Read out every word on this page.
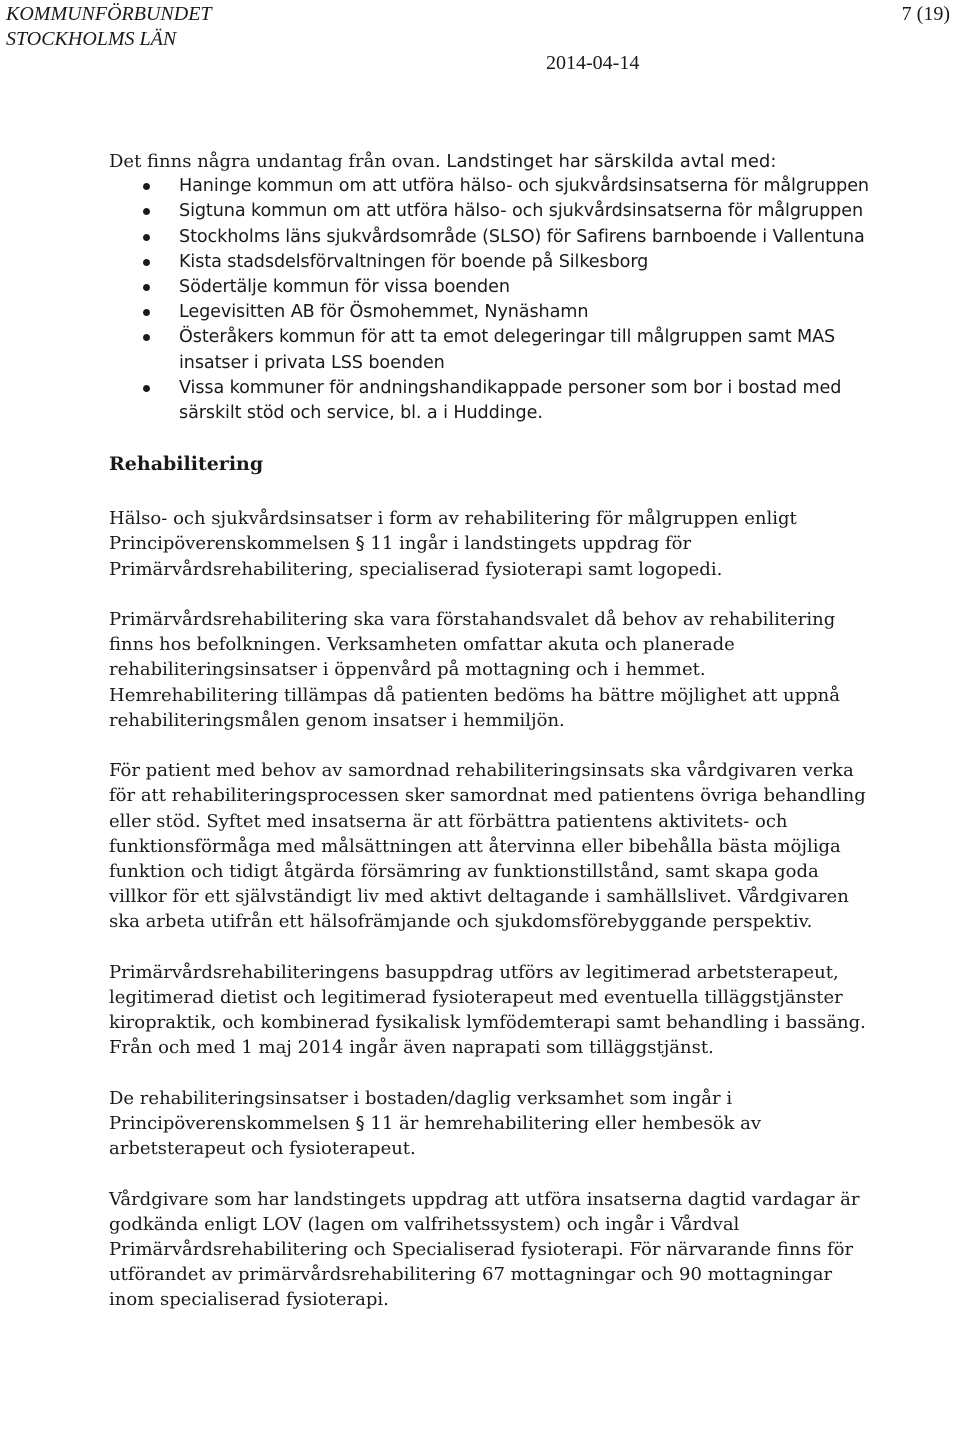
KOMMUNFÖRBUNDET
STOCKHOLMS LÄN
7 (19)
2014-04-14

Det finns några undantag från ovan. Landstinget har särskilda avtal med:

Haninge kommun om att utföra hälso- och sjukvårdsinsatserna för målgruppen
Sigtuna kommun om att utföra hälso- och sjukvårdsinsatserna för målgruppen
Stockholms läns sjukvårdsområde (SLSO) för Safirens barnboende i Vallentuna
Kista stadsdelsförvaltningen för boende på Silkesborg
Södertälje kommun för vissa boenden
Legevisitten AB för Ösmohemmet, Nynäshamn
Österåkers kommun för att ta emot delegeringar till målgruppen samt MAS insatser i privata LSS boenden
Vissa kommuner för andningshandikappade personer som bor i bostad med särskilt stöd och service, bl. a i Huddinge.
Rehabilitering

Hälso- och sjukvårdsinsatser i form av rehabilitering för målgruppen enligt Principöverenskommelsen § 11 ingår i landstingets uppdrag för Primärvårdsrehabilitering, specialiserad fysioterapi samt logopedi.

Primärvårdsrehabilitering ska vara förstahandsvalet då behov av rehabilitering finns hos befolkningen. Verksamheten omfattar akuta och planerade rehabiliteringsinsatser i öppenvård på mottagning och i hemmet. Hemrehabilitering tillämpas då patienten bedöms ha bättre möjlighet att uppnå rehabiliteringsmålen genom insatser i hemmiljön.

För patient med behov av samordnad rehabiliteringsinsats ska vårdgivaren verka för att rehabiliteringsprocessen sker samordnat med patientens övriga behandling eller stöd. Syftet med insatserna är att förbättra patientens aktivitets- och funktionsförmåga med målsättningen att återvinna eller bibehålla bästa möjliga funktion och tidigt åtgärda försämring av funktionstillstånd, samt skapa goda villkor för ett självständigt liv med aktivt deltagande i samhällslivet. Vårdgivaren ska arbeta utifrån ett hälsofrämjande och sjukdomsförebyggande perspektiv.

Primärvårdsrehabiliteringens basuppdrag utförs av legitimerad arbetsterapeut, legitimerad dietist och legitimerad fysioterapeut med eventuella tilläggstjänster kiropraktik, och kombinerad fysikalisk lymfödemterapi samt behandling i bassäng. Från och med 1 maj 2014 ingår även naprapati som tilläggstjänst.

De rehabiliteringsinsatser i bostaden/daglig verksamhet som ingår i Principöverenskommelsen § 11 är hemrehabilitering eller hembesök av arbetsterapeut och fysioterapeut.

Vårdgivare som har landstingets uppdrag att utföra insatserna dagtid vardagar är godkända enligt LOV (lagen om valfrihetssystem) och ingår i Vårdval Primärvårdsrehabilitering och Specialiserad fysioterapi. För närvarande finns för utförandet av primärvårdsrehabilitering 67 mottagningar och 90 mottagningar inom specialiserad fysioterapi.
